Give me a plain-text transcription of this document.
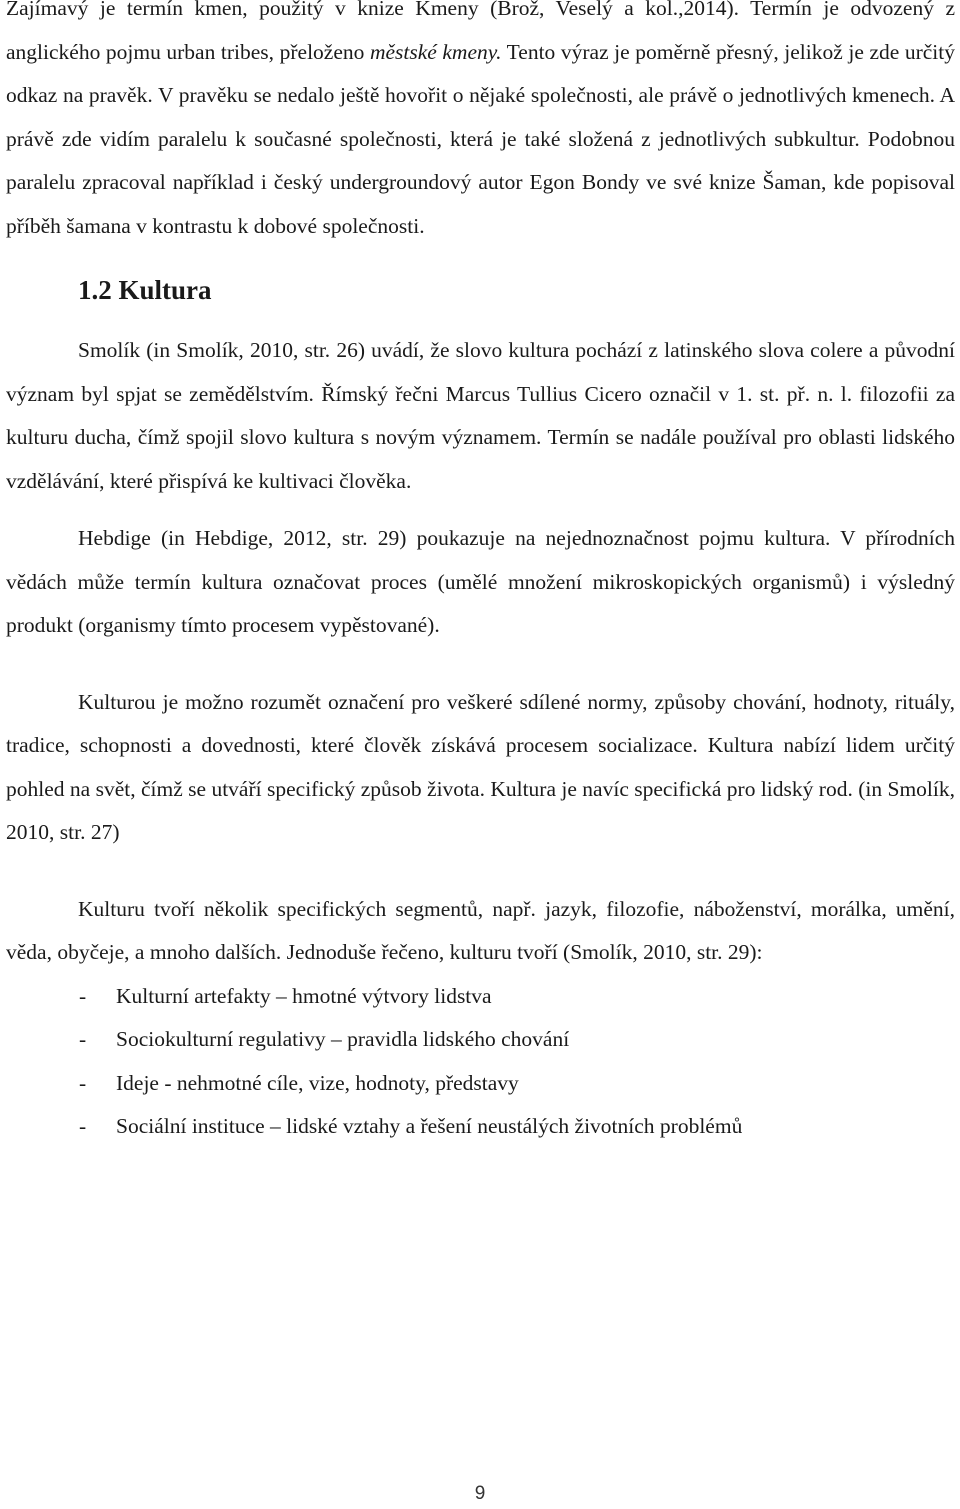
Zajímavý je termín kmen, použitý v knize Kmeny (Brož, Veselý a kol.,2014). Termín je odvozený z anglického pojmu urban tribes, přeloženo městské kmeny. Tento výraz je poměrně přesný, jelikož je zde určitý odkaz na pravěk. V pravěku se nedalo ještě hovořit o nějaké společnosti, ale právě o jednotlivých kmenech. A právě zde vidím paralelu k současné společnosti, která je také složená z jednotlivých subkultur. Podobnou paralelu zpracoval například i český undergroundový autor Egon Bondy ve své knize Šaman, kde popisoval příběh šamana v kontrastu k dobové společnosti.

1.2 Kultura

Smolík (in Smolík, 2010, str. 26) uvádí, že slovo kultura pochází z latinského slova colere a původní význam byl spjat se zemědělstvím. Římský řečni Marcus Tullius Cicero označil v 1. st. př. n. l. filozofii za kulturu ducha, čímž spojil slovo kultura s novým významem. Termín se nadále používal pro oblasti lidského vzdělávání, které přispívá ke kultivaci člověka.

Hebdige (in Hebdige, 2012, str. 29) poukazuje na nejednoznačnost pojmu kultura. V přírodních vědách může termín kultura označovat proces (umělé množení mikroskopických organismů) i výsledný produkt (organismy tímto procesem vypěstované).

Kulturou je možno rozumět označení pro veškeré sdílené normy, způsoby chování, hodnoty, rituály, tradice, schopnosti a dovednosti, které člověk získává procesem socializace. Kultura nabízí lidem určitý pohled na svět, čímž se utváří specifický způsob života. Kultura je navíc specifická pro lidský rod. (in Smolík, 2010, str. 27)

Kulturu tvoří několik specifických segmentů, např. jazyk, filozofie, náboženství, morálka, umění, věda, obyčeje, a mnoho dalších. Jednoduše řečeno, kulturu tvoří (Smolík, 2010, str. 29):

- Kulturní artefakty – hmotné výtvory lidstva
- Sociokulturní regulativy – pravidla lidského chování
- Ideje - nehmotné cíle, vize, hodnoty, představy
- Sociální instituce – lidské vztahy a řešení neustálých životních problémů
9
